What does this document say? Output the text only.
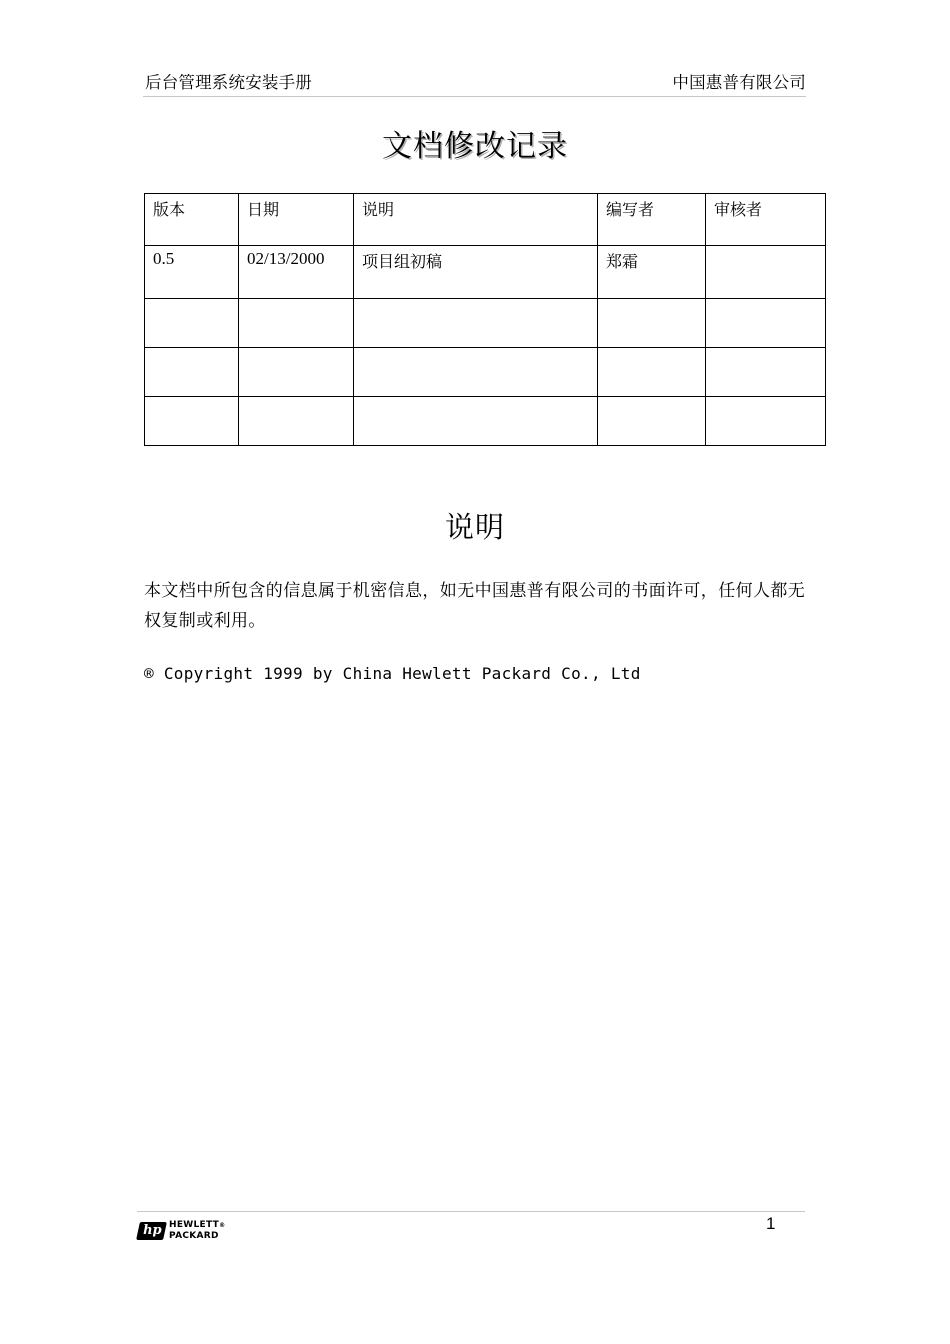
后台管理系统安装手册	中国惠普有限公司
文档修改记录
版本	日期	说明	编写者	审核者
0.5	02/13/2000	项目组初稿	郑霜	

说明
本文档中所包含的信息属于机密信息，如无中国惠普有限公司的书面许可，任何人都无权复制或利用。
® Copyright 1999 by China Hewlett Packard Co., Ltd
hp HEWLETT®
PACKARD
1
